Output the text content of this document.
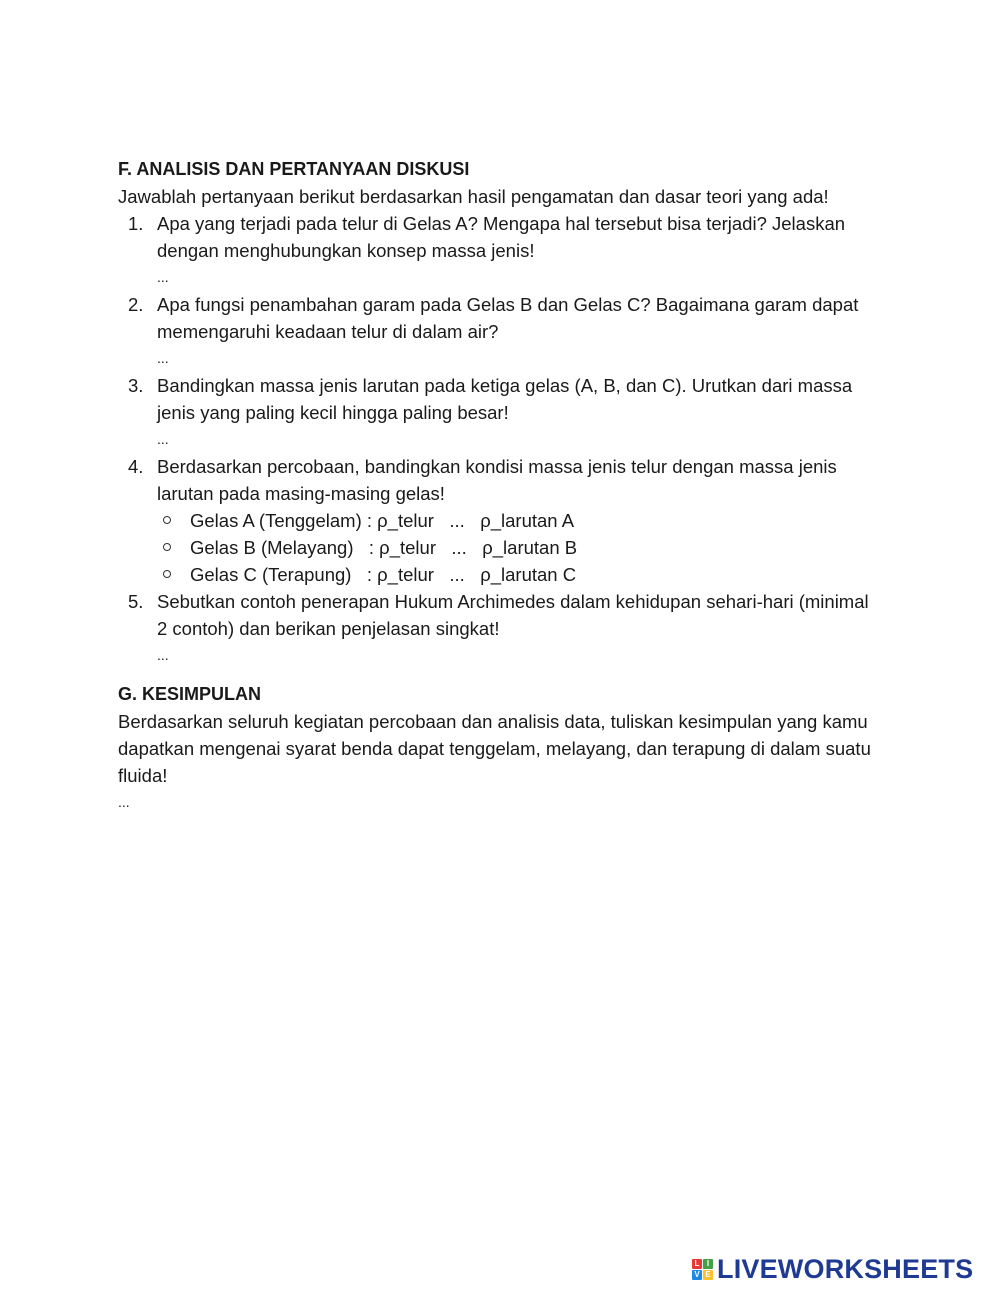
F. ANALISIS DAN PERTANYAAN DISKUSI

Jawablah pertanyaan berikut berdasarkan hasil pengamatan dan dasar teori yang ada!

1. Apa yang terjadi pada telur di Gelas A? Mengapa hal tersebut bisa terjadi? Jelaskan dengan menghubungkan konsep massa jenis!
...
2. Apa fungsi penambahan garam pada Gelas B dan Gelas C? Bagaimana garam dapat memengaruhi keadaan telur di dalam air?
...
3. Bandingkan massa jenis larutan pada ketiga gelas (A, B, dan C). Urutkan dari massa jenis yang paling kecil hingga paling besar!
...
4. Berdasarkan percobaan, bandingkan kondisi massa jenis telur dengan massa jenis larutan pada masing-masing gelas!
Gelas A (Tenggelam) : ρ_telur   ...   ρ_larutan A
Gelas B (Melayang)   : ρ_telur   ...   ρ_larutan B
Gelas C (Terapung)   : ρ_telur   ...   ρ_larutan C
5. Sebutkan contoh penerapan Hukum Archimedes dalam kehidupan sehari-hari (minimal 2 contoh) dan berikan penjelasan singkat!
...

G. KESIMPULAN

Berdasarkan seluruh kegiatan percobaan dan analisis data, tuliskan kesimpulan yang kamu dapatkan mengenai syarat benda dapat tenggelam, melayang, dan terapung di dalam suatu fluida!

...
L I
V E LIVEWORKSHEETS
